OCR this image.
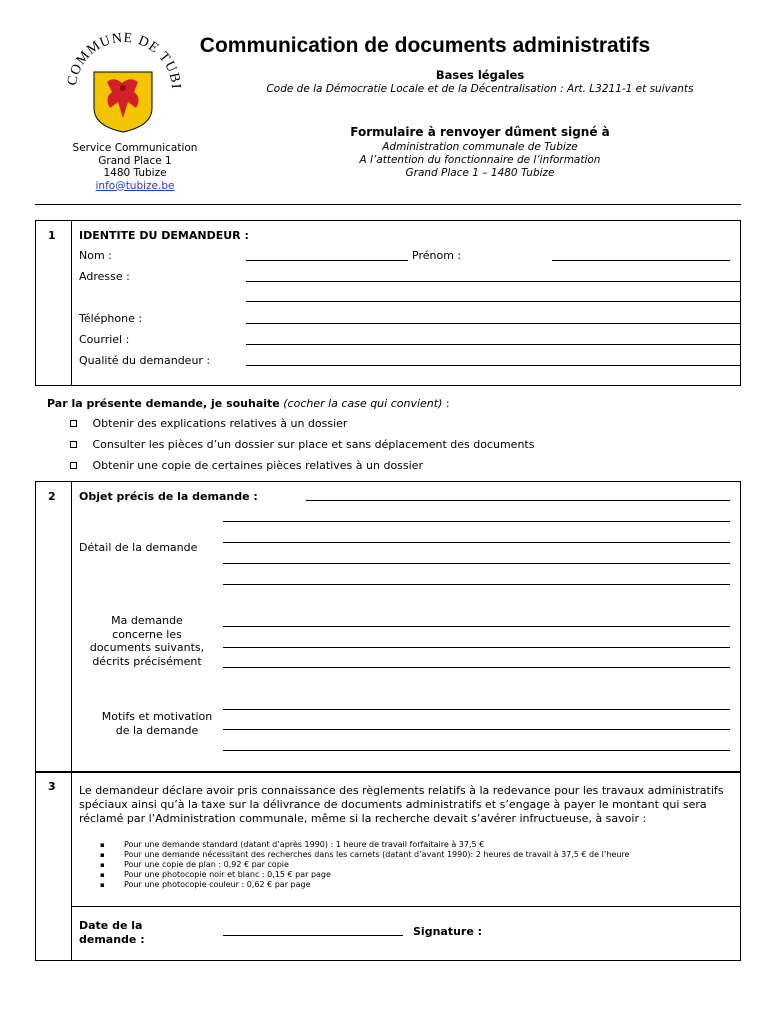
COMMUNE DE TUBI
Communication de documents administratifs
Bases légales
Code de la Démocratie Locale et de la Décentralisation : Art. L3211-1 et suivants
Formulaire à renvoyer dûment signé à
Administration communale de Tubize
A l’attention du fonctionnaire de l’information
Grand Place 1 – 1480 Tubize
Service Communication
Grand Place 1
1480 Tubize
info@tubize.be
1 IDENTITE DU DEMANDEUR :
Nom :	Prénom :
Adresse :
Téléphone :
Courriel :
Qualité du demandeur :
Par la présente demande, je souhaite (cocher la case qui convient) :
Obtenir des explications relatives à un dossier
Consulter les pièces d’un dossier sur place et sans déplacement des documents
Obtenir une copie de certaines pièces relatives à un dossier
2 Objet précis de la demande :
Détail de la demande
Ma demande
concerne les
documents suivants,
décrits précisément
Motifs et motivation
de la demande
3 Le demandeur déclare avoir pris connaissance des règlements relatifs à la redevance pour les travaux administratifs spéciaux ainsi qu’à la taxe sur la délivrance de documents administratifs et s’engage à payer le montant qui sera réclamé par l’Administration communale, même si la recherche devait s’avérer infructueuse, à savoir :
▪ Pour une demande standard (datant d’après 1990) : 1 heure de travail forfaitaire à 37,5 €
▪ Pour une demande nécessitant des recherches dans les carnets (datant d’avant 1990): 2 heures de travail à 37,5 € de l’heure
▪ Pour une copie de plan : 0,92 € par copie
▪ Pour une photocopie noir et blanc : 0,15 € par page
▪ Pour une photocopie couleur : 0,62 € par page
Date de la
demande :
Signature :
